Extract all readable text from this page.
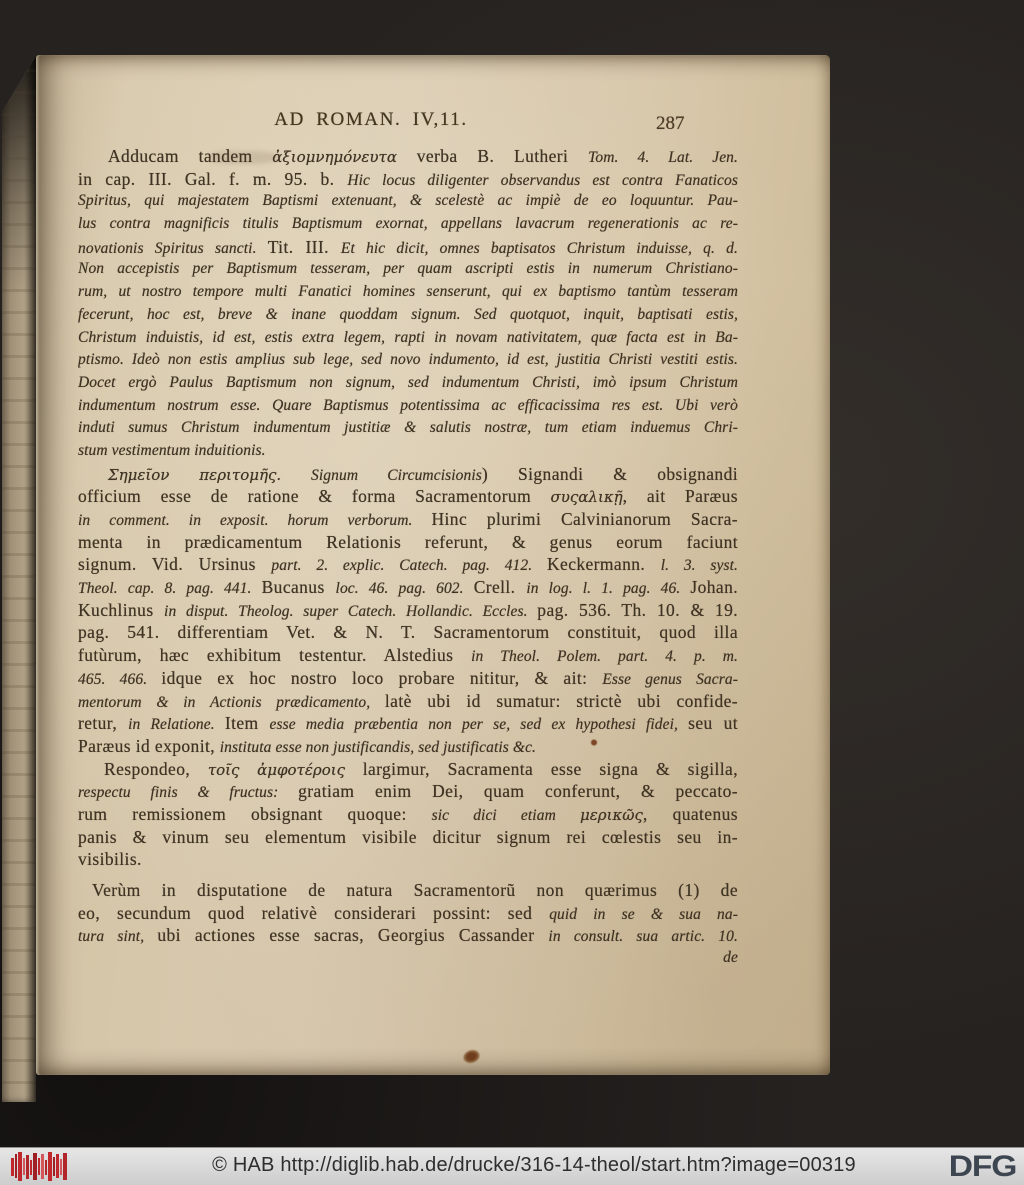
AD ROMAN. IV,11.	287
Adducam tandem ἀξιομνημόνευτα verba B. Lutheri Tom. 4. Lat. Jen.
in cap. III. Gal. f. m. 95. b. Hic locus diligenter observandus est contra Fanaticos
Spiritus, qui majestatem Baptismi extenuant, & scelestè ac impiè de eo loquuntur. Pau-
lus contra magnificis titulis Baptismum exornat, appellans lavacrum regenerationis ac re-
novationis Spiritus sancti. Tit. III. Et hic dicit, omnes baptisatos Christum induisse, q. d.
Non accepistis per Baptismum tesseram, per quam ascripti estis in numerum Christiano-
rum, ut nostro tempore multi Fanatici homines senserunt, qui ex baptismo tantùm tesseram
fecerunt, hoc est, breve & inane quoddam signum. Sed quotquot, inquit, baptisati estis,
Christum induistis, id est, estis extra legem, rapti in novam nativitatem, quæ facta est in Ba-
ptismo. Ideò non estis amplius sub lege, sed novo indumento, id est, justitia Christi vestiti estis.
Docet ergò Paulus Baptismum non signum, sed indumentum Christi, imò ipsum Christum
indumentum nostrum esse. Quare Baptismus potentissima ac efficacissima res est. Ubi verò
induti sumus Christum indumentum justitiæ & salutis nostræ, tum etiam induemus Chri-
stum vestimentum induitionis.
Σημεῖον περιτομῆς. Signum Circumcisionis) Signandi & obsignandi
officium esse de ratione & forma Sacramentorum συςαλικῇ, ait Paræus
in comment. in exposit. horum verborum. Hinc plurimi Calvinianorum Sacra-
menta in prædicamentum Relationis referunt, & genus eorum faciunt
signum. Vid. Ursinus part. 2. explic. Catech. pag. 412. Keckermann. l. 3. syst.
Theol. cap. 8. pag. 441. Bucanus loc. 46. pag. 602. Crell. in log. l. 1. pag. 46. Johan.
Kuchlinus in disput. Theolog. super Catech. Hollandic. Eccles. pag. 536. Th. 10. & 19.
pag. 541. differentiam Vet. & N. T. Sacramentorum constituit, quod illa
futùrum, hæc exhibitum testentur. Alstedius in Theol. Polem. part. 4. p. m.
465. 466. idque ex hoc nostro loco probare nititur, & ait: Esse genus Sacra-
mentorum & in Actionis prædicamento, latè ubi id sumatur: strictè ubi confide-
retur, in Relatione. Item esse media præbentia non per se, sed ex hypothesi fidei, seu ut
Paræus id exponit, instituta esse non justificandis, sed justificatis &c.
Respondeo, τοῖς ἀμφοτέροις largimur, Sacramenta esse signa & sigilla,
respectu finis & fructus: gratiam enim Dei, quam conferunt, & peccato-
rum remissionem obsignant quoque: sic dici etiam μερικῶς, quatenus
panis & vinum seu elementum visibile dicitur signum rei cœlestis seu in-
visibilis.
Verùm in disputatione de natura Sacramentorũ non quærimus (1) de
eo, secundum quod relativè considerari possint: sed quid in se & sua na-
tura sint, ubi actiones esse sacras, Georgius Cassander in consult. sua artic. 10.
de
© HAB http://diglib.hab.de/drucke/316-14-theol/start.htm?image=00319	DFG
